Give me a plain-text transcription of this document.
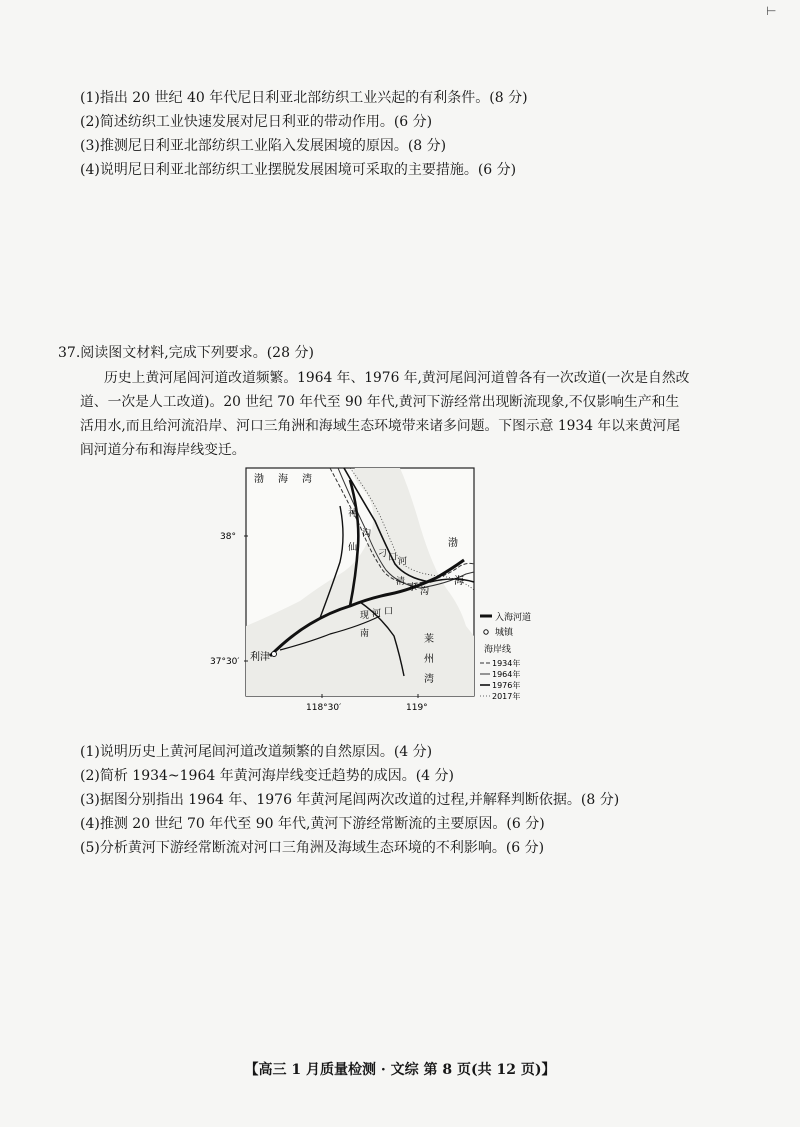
⊢
(1)指出 20 世纪 40 年代尼日利亚北部纺织工业兴起的有利条件。(8 分)
(2)简述纺织工业快速发展对尼日利亚的带动作用。(6 分)
(3)推测尼日利亚北部纺织工业陷入发展困境的原因。(8 分)
(4)说明尼日利亚北部纺织工业摆脱发展困境可采取的主要措施。(6 分)
37.阅读图文材料,完成下列要求。(28 分)
历史上黄河尾闾河道改道频繁。1964 年、1976 年,黄河尾闾河道曾各有一次改道(一次是自然改
道、一次是人工改道)。20 世纪 70 年代至 90 年代,黄河下游经常出现断流现象,不仅影响生产和生
活用水,而且给河流沿岸、河口三角洲和海域生态环境带来诸多问题。下图示意 1934 年以来黄河尾
闾河道分布和海岸线变迁。
渤 海 湾
渤
海
莱
州
湾
神
仙
沟
清
水 沟
刁 口 河
现 河 口
南
利津
38°
37°30′
118°30′	119°
入海河道
城镇
海岸线
1934年
1964年
1976年
2017年
(1)说明历史上黄河尾闾河道改道频繁的自然原因。(4 分)
(2)简析 1934~1964 年黄河海岸线变迁趋势的成因。(4 分)
(3)据图分别指出 1964 年、1976 年黄河尾闾两次改道的过程,并解释判断依据。(8 分)
(4)推测 20 世纪 70 年代至 90 年代,黄河下游经常断流的主要原因。(6 分)
(5)分析黄河下游经常断流对河口三角洲及海域生态环境的不利影响。(6 分)
【高三 1 月质量检测 · 文综 第 8 页(共 12 页)】
